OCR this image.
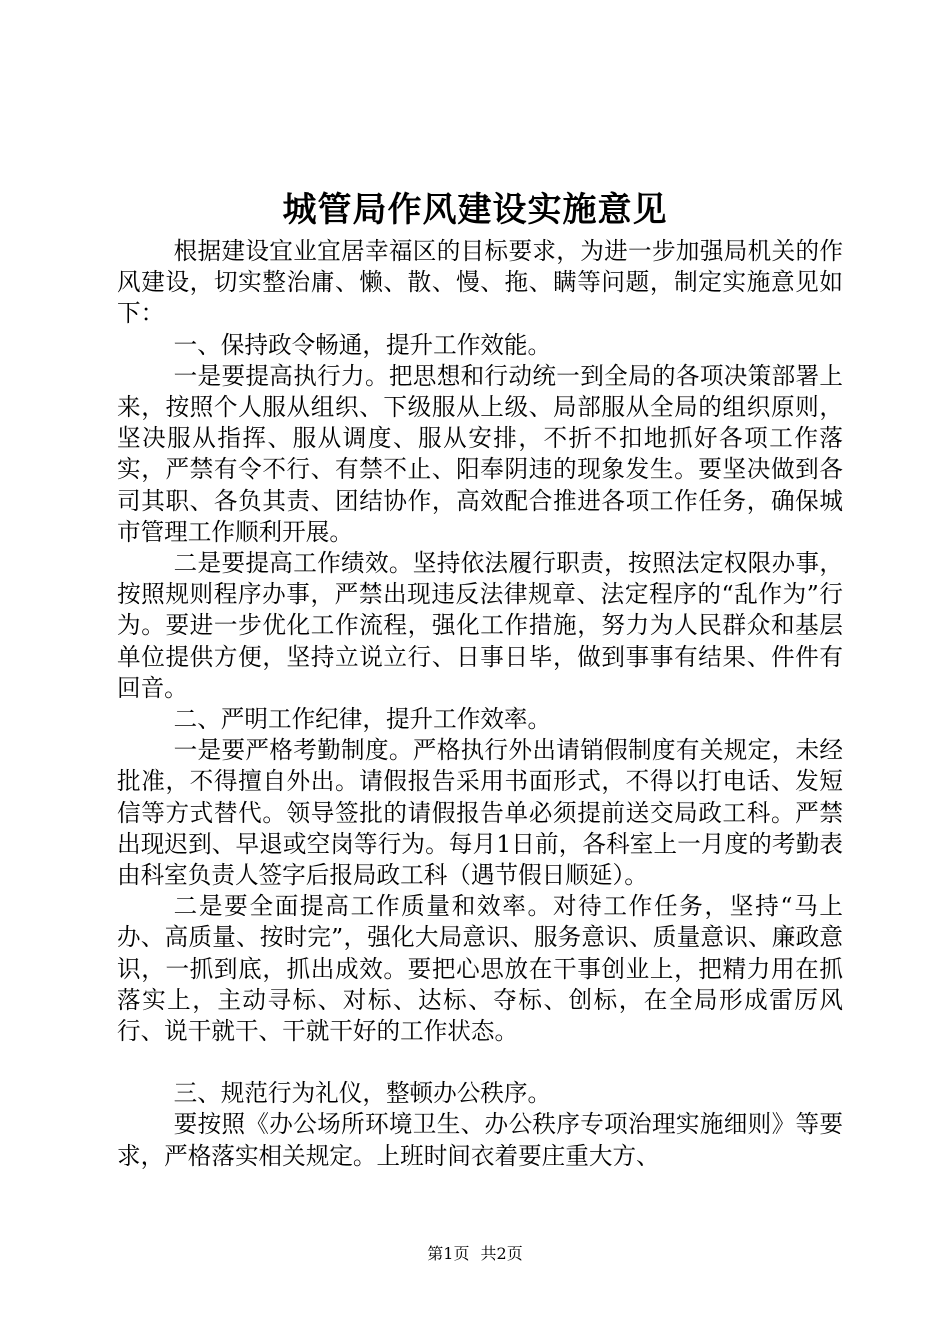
城管局作风建设实施意见

根据建设宜业宜居幸福区的目标要求，为进一步加强局机关的作风建设，切实整治庸、懒、散、慢、拖、瞒等问题，制定实施意见如下：

一、保持政令畅通，提升工作效能。

一是要提高执行力。把思想和行动统一到全局的各项决策部署上来，按照个人服从组织、下级服从上级、局部服从全局的组织原则，坚决服从指挥、服从调度、服从安排，不折不扣地抓好各项工作落实，严禁有令不行、有禁不止、阳奉阴违的现象发生。要坚决做到各司其职、各负其责、团结协作，高效配合推进各项工作任务，确保城市管理工作顺利开展。

二是要提高工作绩效。坚持依法履行职责，按照法定权限办事，按照规则程序办事，严禁出现违反法律规章、法定程序的“乱作为”行为。要进一步优化工作流程，强化工作措施，努力为人民群众和基层单位提供方便，坚持立说立行、日事日毕，做到事事有结果、件件有回音。

二、严明工作纪律，提升工作效率。

一是要严格考勤制度。严格执行外出请销假制度有关规定，未经批准，不得擅自外出。请假报告采用书面形式，不得以打电话、发短信等方式替代。领导签批的请假报告单必须提前送交局政工科。严禁出现迟到、早退或空岗等行为。每月1日前，各科室上一月度的考勤表由科室负责人签字后报局政工科（遇节假日顺延）。

二是要全面提高工作质量和效率。对待工作任务，坚持“马上办、高质量、按时完”，强化大局意识、服务意识、质量意识、廉政意识，一抓到底，抓出成效。要把心思放在干事创业上，把精力用在抓落实上，主动寻标、对标、达标、夺标、创标，在全局形成雷厉风行、说干就干、干就干好的工作状态。

三、规范行为礼仪，整顿办公秩序。

要按照《办公场所环境卫生、办公秩序专项治理实施细则》等要求，严格落实相关规定。上班时间衣着要庄重大方、

第1页 共2页
